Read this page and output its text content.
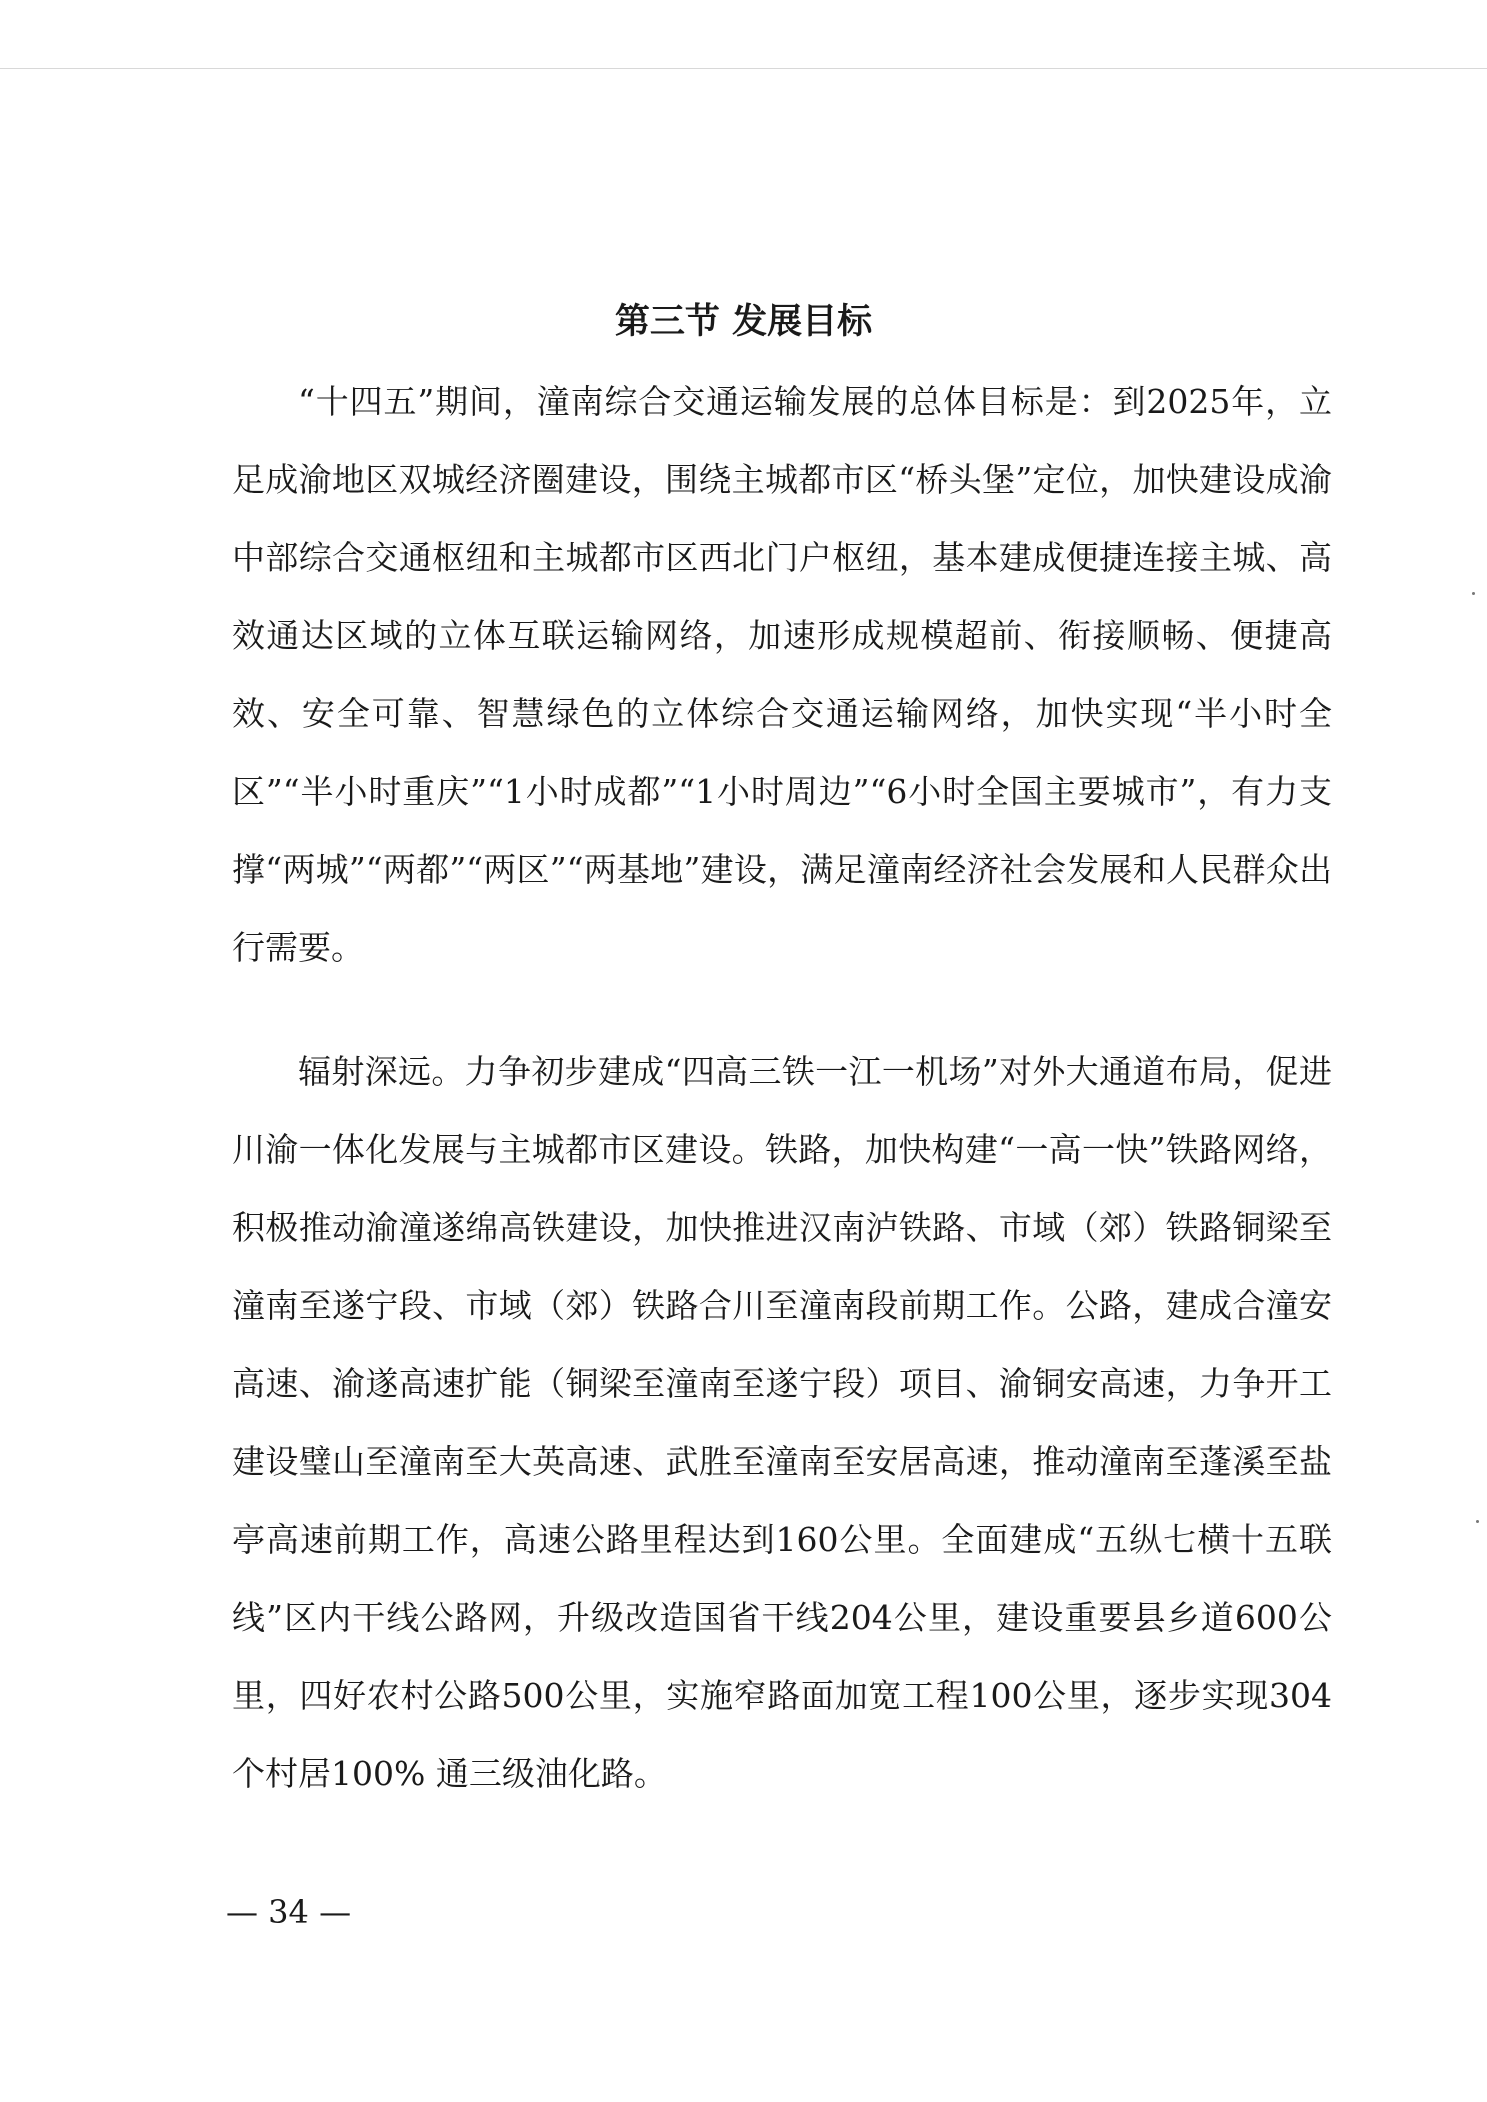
第三节 发展目标

“十四五”期间，潼南综合交通运输发展的总体目标是：到2025年，立足成渝地区双城经济圈建设，围绕主城都市区“桥头堡”定位，加快建设成渝中部综合交通枢纽和主城都市区西北门户枢纽，基本建成便捷连接主城、高效通达区域的立体互联运输网络，加速形成规模超前、衔接顺畅、便捷高效、安全可靠、智慧绿色的立体综合交通运输网络，加快实现“半小时全区”“半小时重庆”“1小时成都”“1小时周边”“6小时全国主要城市”，有力支撑“两城”“两都”“两区”“两基地”建设，满足潼南经济社会发展和人民群众出行需要。

辐射深远。力争初步建成“四高三铁一江一机场”对外大通道布局，促进川渝一体化发展与主城都市区建设。铁路，加快构建“一高一快”铁路网络，积极推动渝潼遂绵高铁建设，加快推进汉南泸铁路、市域（郊）铁路铜梁至潼南至遂宁段、市域（郊）铁路合川至潼南段前期工作。公路，建成合潼安高速、渝遂高速扩能（铜梁至潼南至遂宁段）项目、渝铜安高速，力争开工建设璧山至潼南至大英高速、武胜至潼南至安居高速，推动潼南至蓬溪至盐亭高速前期工作，高速公路里程达到160公里。全面建成“五纵七横十五联线”区内干线公路网，升级改造国省干线204公里，建设重要县乡道600公里，四好农村公路500公里，实施窄路面加宽工程100公里，逐步实现304个村居100% 通三级油化路。

— 34 —
